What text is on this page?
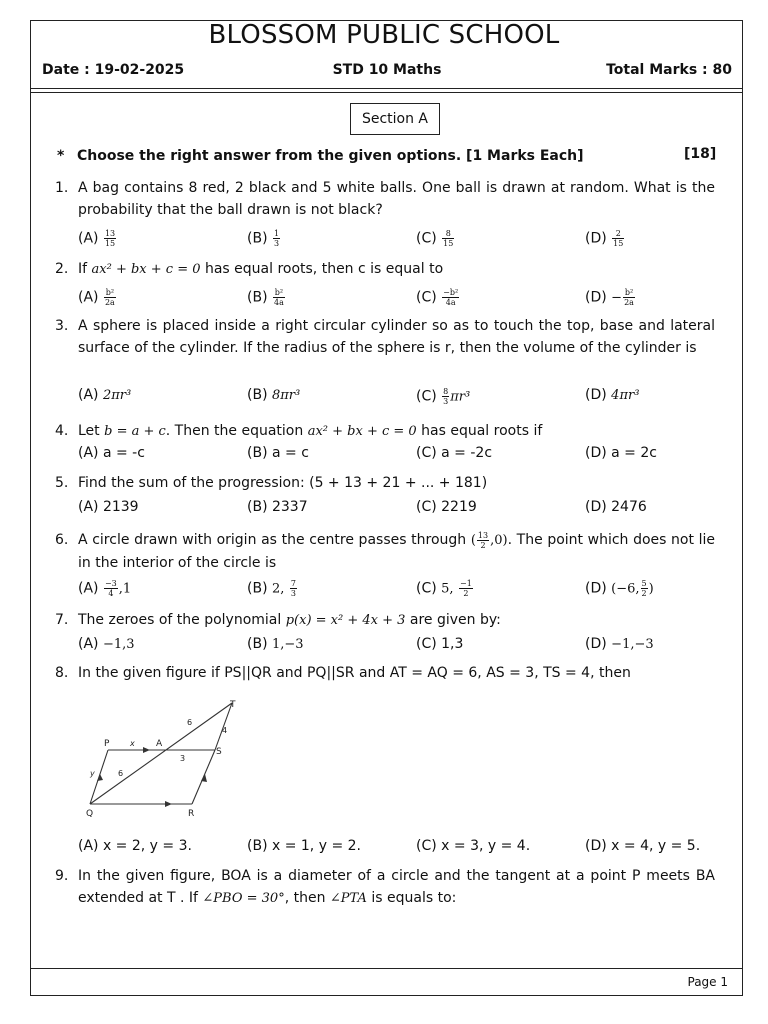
BLOSSOM PUBLIC SCHOOL
Date : 19-02-2025	STD 10 Maths	Total Marks : 80
Section A
* Choose the right answer from the given options. [1 Marks Each]	[18]
1. A bag contains 8 red, 2 black and 5 white balls. One ball is drawn at random. What is the probability that the ball drawn is not black?
$(A) \frac{13}{15}$	$(B) \frac{1}{3}$	$(C) \frac{8}{15}$	$(D) \frac{2}{15}$
2. If ax² + bx + c = 0 has equal roots, then c is equal to
$(A) \frac{\text{b²}}{2a}$	$(B) \frac{\text{b²}}{4a}$	$(C) \frac{\text{−b²}}{4a}$	$(D) - \frac{\text{b²}}{2a}$
3. A sphere is placed inside a right circular cylinder so as to touch the top, base and lateral surface of the cylinder. If the radius of the sphere is r, then the volume of the cylinder is
(A) 2πr³	(B) 8πr³	$(C) \frac{8}{3} \pi r^3$	(D) 4πr³
4. Let b = a + c. Then the equation ax² + bx + c = 0 has equal roots if
(A) a = -c	(B) a = c	(C) a = -2c	(D) a = 2c
5. Find the sum of the progression: (5 + 13 + 21 + ... + 181)
(A) 2139	(B) 2337	(C) 2219	(D) 2476
6. A circle drawn with origin as the centre passes through ( $\frac{13}{2} ,0$). The point which does not lie in the interior of the circle is
$(A) \frac{-3}{4} ,1$	(B) 2, $\frac{7}{3}$	(C) 5, $\frac{-1}{2}$	(D) (−6, $\frac{5}{2}$ )
7. The zeroes of the polynomial p(x) = x² + 4x + 3 are given by:
(A) −1,3	(B) 1,−3	(C) 1,3	(D) −1,−3
8. In the given figure if PS||QR and PQ||SR and AT = AQ = 6, AS = 3, TS = 4, then
P	A
S
T
Q	R
x
y
6
6
3
4
(A) x = 2, y = 3.	(B) x = 1, y = 2.	(C) x = 3, y = 4.	(D) x = 4, y = 5.
9. In the given figure, BOA is a diameter of a circle and the tangent at a point P meets BA extended at T . If ∠PBO = 30°, then ∠PTA is equals to:
Page 1
